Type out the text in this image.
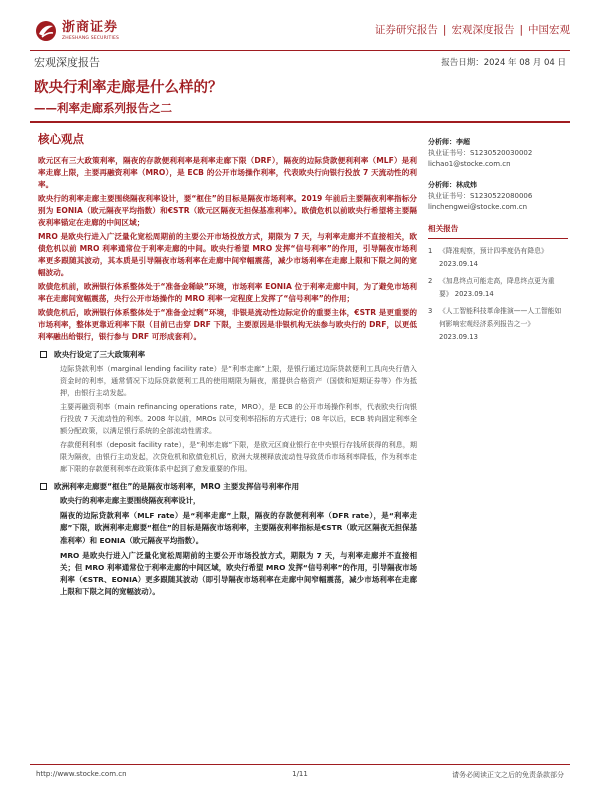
浙商证券
ZHESHANG SECURITIES
证券研究报告 | 宏观深度报告 | 中国宏观
宏观深度报告	报告日期：2024 年 08 月 04 日
欧央行利率走廊是什么样的？
——利率走廊系列报告之二
核心观点

欧元区有三大政策利率，隔夜的存款便利利率是利率走廊下限（DRF），隔夜的边际贷款便利利率（MLF）是利率走廊上限，主要再融资利率（MRO），是 ECB 的公开市场操作利率，代表欧央行向银行投放 7 天流动性的利率。

欧央行的利率走廊主要围绕隔夜利率设计，要“框住”的目标是隔夜市场利率。2019 年前后主要隔夜利率指标分别为 EONIA（欧元隔夜平均指数）和€STR（欧元区隔夜无担保基准利率）。欧债危机以前欧央行希望将主要隔夜利率锚定在走廊的中间区域；

MRO 是欧央行进入广泛量化宽松周期前的主要公开市场投放方式，期限为 7 天，与利率走廊并不直接相关，欧债危机以前 MRO 利率通常位于利率走廊的中间。欧央行希望 MRO 发挥“信号利率”的作用，引导隔夜市场利率更多跟随其波动，其本质是引导隔夜市场利率在走廊中间窄幅震荡，减少市场利率在走廊上限和下限之间的宽幅波动。

欧债危机前，欧洲银行体系整体处于“准备金稀缺”环境，市场利率 EONIA 位于利率走廊中间，为了避免市场利率在走廊间宽幅震荡，央行公开市场操作的 MRO 利率一定程度上发挥了“信号利率”的作用；

欧债危机后，欧洲银行体系整体处于“准备金过剩”环境，非银是流动性边际定价的重要主体，€STR 是更重要的市场利率，整体更靠近利率下限（目前已击穿 DRF 下限，主要原因是非银机构无法参与欧央行的 DRF，以更低利率融出给银行，银行参与 DRF 可形成套利）。

欧央行设定了三大政策利率

边际贷款利率（marginal lending facility rate）是“利率走廊”上限，是银行通过边际贷款便利工具向央行借入资金时的利率，通常情况下边际贷款便利工具的使用期限为隔夜，需提供合格资产（国债和短期证券等）作为抵押，由银行主动发起。

主要再融资利率（main refinancing operations rate，MRO），是 ECB 的公开市场操作利率，代表欧央行向银行投放 7 天流动性的利率。2008 年以前，MROs 以可变利率招标的方式进行；08 年以后，ECB 转向固定利率全额分配政策，以满足银行系统的全部流动性需求。

存款便利利率（deposit facility rate），是“利率走廊”下限，是欧元区商业银行在中央银行存钱所获得的利息，期限为隔夜，由银行主动发起，次贷危机和欧债危机后，欧洲大规模释放流动性导致货币市场利率降低，作为利率走廊下限的存款便利利率在政策体系中起到了愈发重要的作用。

欧洲利率走廊要“框住”的是隔夜市场利率，MRO 主要发挥信号利率作用

欧央行的利率走廊主要围绕隔夜利率设计，

隔夜的边际贷款利率（MLF rate）是“利率走廊”上限，隔夜的存款便利利率（DFR rate），是“利率走廊”下限，欧洲利率走廊要“框住”的目标是隔夜市场利率，主要隔夜利率指标是€STR（欧元区隔夜无担保基准利率）和 EONIA（欧元隔夜平均指数）。

MRO 是欧央行进入广泛量化宽松周期前的主要公开市场投放方式，期限为 7 天，与利率走廊并不直接相关；但 MRO 利率通常位于利率走廊的中间区域，欧央行希望 MRO 发挥“信号利率”的作用，引导隔夜市场利率（€STR、EONIA）更多跟随其波动（即引导隔夜市场利率在走廊中间窄幅震荡，减少市场利率在走廊上限和下限之间的宽幅波动）。

分析师：李超
执业证书号：S1230520030002
lichao1@stocke.com.cn
分析师：林成炜
执业证书号：S1230522080006
linchengwei@stocke.com.cn
相关报告
1 《降准观察，预计四季度仍有降息》 2023.09.14
2 《加息终点可能走高，降息终点更为重要》 2023.09.14
3 《人工智能科技革命推演——人工智能如何影响宏观经济系列报告之一》 2023.09.13
http://www.stocke.com.cn	1/11	请务必阅读正文之后的免责条款部分
